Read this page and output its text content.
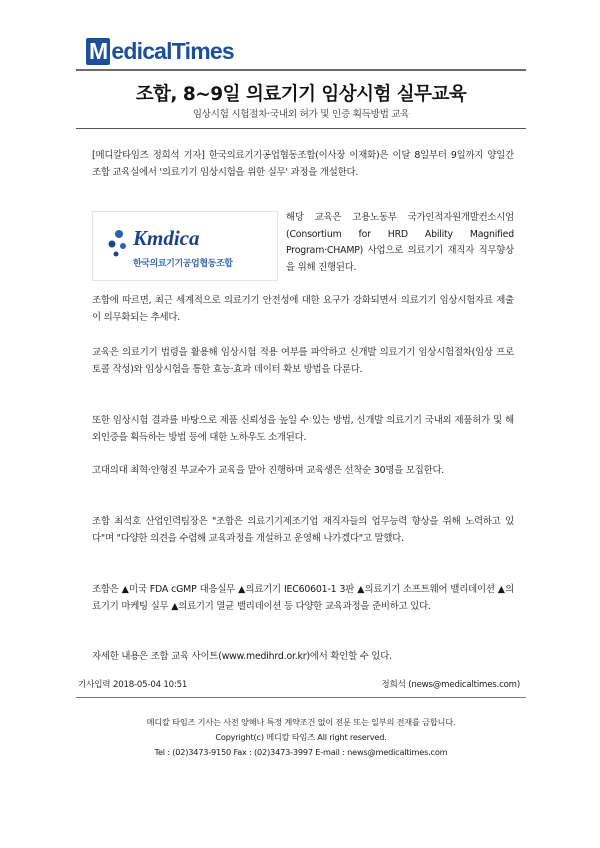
M edicalTimes
조합, 8~9일 의료기기 임상시험 실무교육
임상시험 시험절차·국내외 허가 및 인증 획득방법 교육

[메디칼타임즈 정희석 기자] 한국의료기기공업협동조합(이사장 이재화)은 이달 8일부터 9일까지 양일간 조합 교육실에서 '의료기기 임상시험을 위한 실무' 과정을 개설한다.

Kmdica
한국의료기기공업협동조합

해당 교육은 고용노동부 국가인적자원개발컨소시엄(Consortium for HRD Ability Magnified Program·CHAMP) 사업으로 의료기기 재직자 직무향상을 위해 진행된다.

조합에 따르면, 최근 세계적으로 의료기기 안전성에 대한 요구가 강화되면서 의료기기 임상시험자료 제출이 의무화되는 추세다.

교육은 의료기기 법령을 활용해 임상시험 적용 여부를 파악하고 신개발 의료기기 임상시험절차(임상 프로토콜 작성)와 임상시험을 통한 효능·효과 데이터 확보 방법을 다룬다.

또한 임상시험 결과를 바탕으로 제품 신뢰성을 높일 수 있는 방법, 신개발 의료기기 국내외 제품허가 및 해외인증을 획득하는 방법 등에 대한 노하우도 소개된다.

고대의대 최혁·안형진 부교수가 교육을 맡아 진행하며 교육생은 선착순 30명을 모집한다.

조합 최석호 산업인력팀장은 "조합은 의료기기제조기업 재직자들의 업무능력 향상을 위해 노력하고 있다"며 "다양한 의견을 수렴해 교육과정을 개설하고 운영해 나가겠다"고 말했다.

조합은 ▲미국 FDA cGMP 대응실무 ▲의료기기 IEC60601-1 3판 ▲의료기기 소프트웨어 밸리데이션 ▲의료기기 마케팅 실무 ▲의료기기 멸균 밸리데이션 등 다양한 교육과정을 준비하고 있다.

자세한 내용은 조합 교육 사이트(www.medihrd.or.kr)에서 확인할 수 있다.

기사입력 2018-05-04 10:51	정희석 (news@medicaltimes.com)
메디칼 타임즈 기사는 사전 양해나 특정 계약조건 없이 전문 또는 일부의 전재를 금합니다.
Copyright(c) 메디칼 타임즈 All right reserved.
Tel : (02)3473-9150 Fax : (02)3473-3997 E-mail : news@medicaltimes.com
